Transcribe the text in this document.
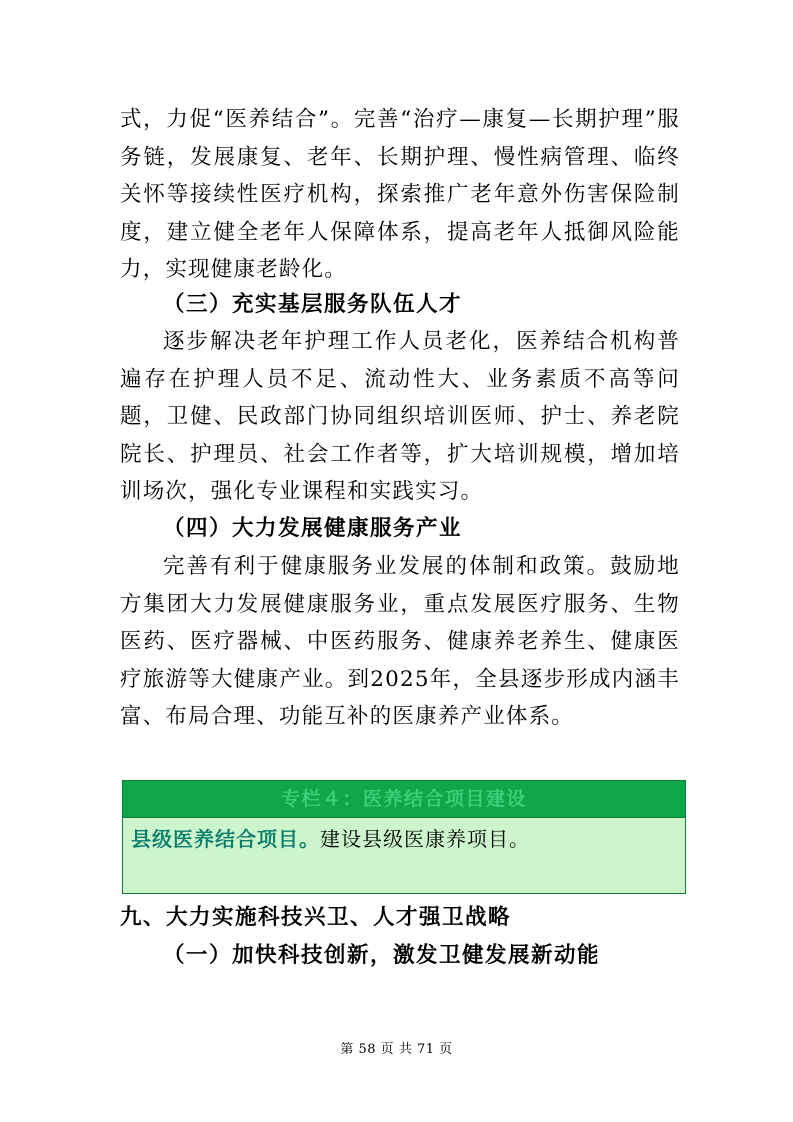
式，力促“医养结合”。完善“治疗—康复—长期护理”服务链，发展康复、老年、长期护理、慢性病管理、临终关怀等接续性医疗机构，探索推广老年意外伤害保险制度，建立健全老年人保障体系，提高老年人抵御风险能力，实现健康老龄化。

（三）充实基层服务队伍人才

逐步解决老年护理工作人员老化，医养结合机构普遍存在护理人员不足、流动性大、业务素质不高等问题，卫健、民政部门协同组织培训医师、护士、养老院院长、护理员、社会工作者等，扩大培训规模，增加培训场次，强化专业课程和实践实习。

（四）大力发展健康服务产业

完善有利于健康服务业发展的体制和政策。鼓励地方集团大力发展健康服务业，重点发展医疗服务、生物医药、医疗器械、中医药服务、健康养老养生、健康医疗旅游等大健康产业。到2025年，全县逐步形成内涵丰富、布局合理、功能互补的医康养产业体系。

专栏４：医养结合项目建设
县级医养结合项目。建设县级医康养项目。

九、大力实施科技兴卫、人才强卫战略

（一）加快科技创新，激发卫健发展新动能

第 58 页 共 71 页
